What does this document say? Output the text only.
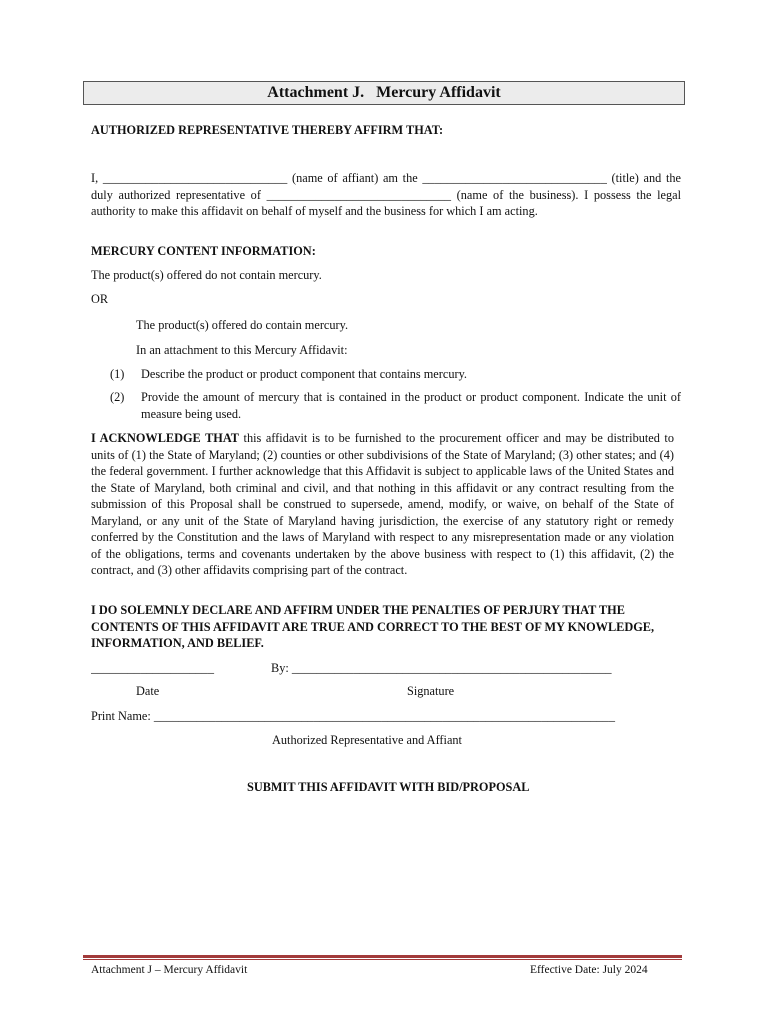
Attachment J. Mercury Affidavit
AUTHORIZED REPRESENTATIVE THEREBY AFFIRM THAT:
I, ______________________________ (name of affiant) am the ______________________________ (title) and the duly authorized representative of ______________________________ (name of the business). I possess the legal authority to make this affidavit on behalf of myself and the business for which I am acting.
MERCURY CONTENT INFORMATION:
The product(s) offered do not contain mercury.
OR
The product(s) offered do contain mercury.
In an attachment to this Mercury Affidavit:
(1)	Describe the product or product component that contains mercury.
(2)	Provide the amount of mercury that is contained in the product or product component. Indicate the unit of measure being used.
I ACKNOWLEDGE THAT this affidavit is to be furnished to the procurement officer and may be distributed to units of (1) the State of Maryland; (2) counties or other subdivisions of the State of Maryland; (3) other states; and (4) the federal government. I further acknowledge that this Affidavit is subject to applicable laws of the United States and the State of Maryland, both criminal and civil, and that nothing in this affidavit or any contract resulting from the submission of this Proposal shall be construed to supersede, amend, modify, or waive, on behalf of the State of Maryland, or any unit of the State of Maryland having jurisdiction, the exercise of any statutory right or remedy conferred by the Constitution and the laws of Maryland with respect to any misrepresentation made or any violation of the obligations, terms and covenants undertaken by the above business with respect to (1) this affidavit, (2) the contract, and (3) other affidavits comprising part of the contract.
I DO SOLEMNLY DECLARE AND AFFIRM UNDER THE PENALTIES OF PERJURY THAT THE CONTENTS OF THIS AFFIDAVIT ARE TRUE AND CORRECT TO THE BEST OF MY KNOWLEDGE, INFORMATION, AND BELIEF.
____________________	By: ____________________________________________________
Date	Signature
Print Name: ___________________________________________________________________________
Authorized Representative and Affiant
SUBMIT THIS AFFIDAVIT WITH BID/PROPOSAL
Attachment J – Mercury Affidavit	Effective Date: July 2024
